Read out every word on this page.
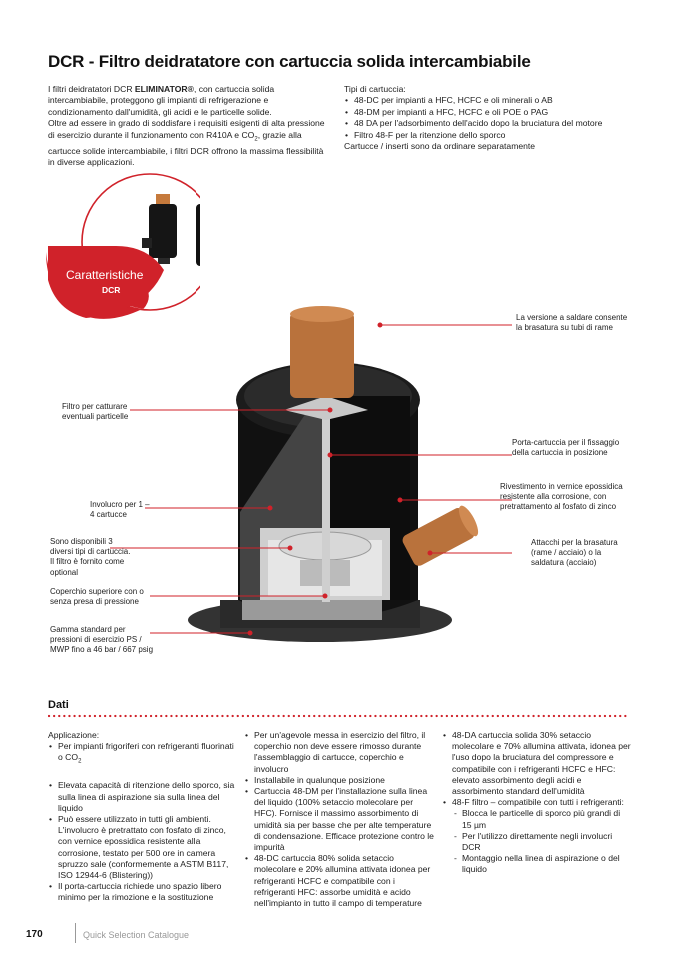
DCR - Filtro deidratatore con cartuccia solida intercambiabile
I filtri deidratatori DCR ELIMINATOR®, con cartuccia solida intercambiabile, proteggono gli impianti di refrigerazione e condizionamento dall'umidità, gli acidi e le particelle solide.
Oltre ad essere in grado di soddisfare i requisiti esigenti di alta pressione di esercizio durante il funzionamento con R410A e $CO_2$, grazie alla cartucce solide intercambiabile, i filtri DCR offrono la massima flessibilità in diverse applicazioni.
Tipi di cartuccia:
• 48-DC per impianti a HFC, HCFC e oli minerali o AB
• 48-DM per impianti a HFC, HCFC e oli POE o PAG
• 48 DA per l'adsorbimento dell'acido dopo la bruciatura del motore
• Filtro 48-F per la ritenzione dello sporco
Cartucce / inserti sono da ordinare separatamente
Caratteristiche
DCR
La versione a saldare consente la brasatura su tubi di rame
Filtro per catturare eventuali particelle
Porta-cartuccia per il fissaggio della cartuccia in posizione
Rivestimento in vernice epossidica resistente alla corrosione, con pretrattamento al fosfato di zinco
Involucro per 1 – 4 cartucce
Attacchi per la brasatura (rame / acciaio) o la saldatura (acciaio)
Sono disponibili 3 diversi tipi di cartuccia. Il filtro è fornito come optional
Coperchio superiore con o senza presa di pressione
Gamma standard per pressioni di esercizio PS / MWP fino a 46 bar / 667 psig
Dati
Applicazione:
• Per impianti frigoriferi con refrigeranti fluorinati o $CO_2$
• Elevata capacità di ritenzione dello sporco, sia sulla linea di aspirazione sia sulla linea del liquido
• Può essere utilizzato in tutti gli ambienti. L'involucro è pretrattato con fosfato di zinco, con vernice epossidica resistente alla corrosione, testato per 500 ore in camera spruzzo sale (conformemente a ASTM B117, ISO 12944-6 (Blistering))
• Il porta-cartuccia richiede uno spazio libero minimo per la rimozione e la sostituzione
• Per un'agevole messa in esercizio del filtro, il coperchio non deve essere rimosso durante l'assemblaggio di cartucce, coperchio e involucro
• Installabile in qualunque posizione
• Cartuccia 48-DM per l'installazione sulla linea del liquido (100% setaccio molecolare per HFC). Fornisce il massimo assorbimento di umidità sia per basse che per alte temperature di condensazione. Efficace protezione contro le impurità
• 48-DC cartuccia 80% solida setaccio molecolare e 20% allumina attivata idonea per refrigeranti HCFC e compatibile con i refrigeranti HFC: assorbe umidità e acido nell'impianto in tutto il campo di temperature
• 48-DA cartuccia solida 30% setaccio molecolare e 70% allumina attivata, idonea per l'uso dopo la bruciatura del compressore e compatibile con i refrigeranti HCFC e HFC: elevato assorbimento degli acidi e assorbimento standard dell'umidità
• 48-F filtro – compatibile con tutti i refrigeranti:
- Blocca le particelle di sporco più grandi di 15 µm
- Per l'utilizzo direttamente negli involucri DCR
- Montaggio nella linea di aspirazione o del liquido
170	Quick Selection Catalogue
